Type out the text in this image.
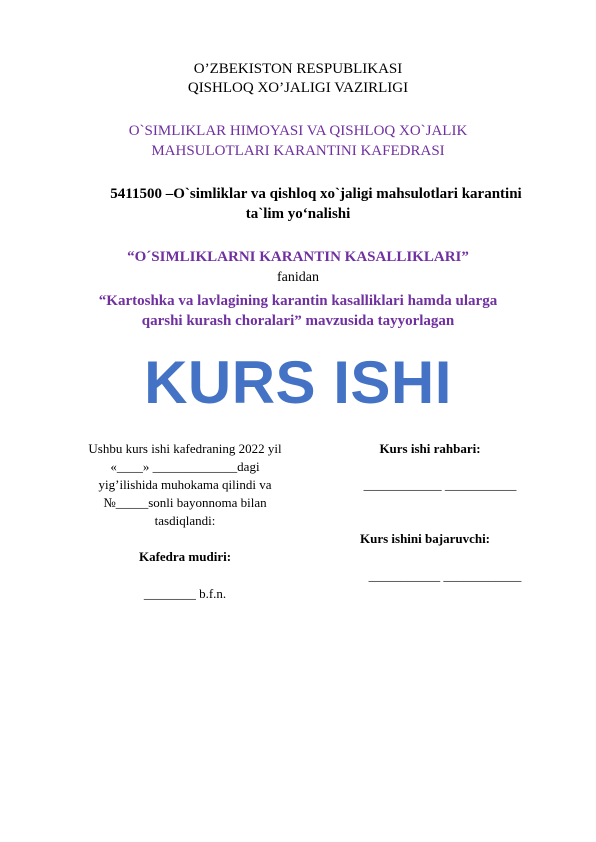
O’ZBEKISTON RESPUBLIKASI
QISHLOQ XO’JALIGI VAZIRLIGI
O`SIMLIKLAR HIMOYASI VA QISHLOQ XO`JALIK
MAHSULOTLARI KARANTINI KAFEDRASI
5411500 –O`simliklar va qishloq xo`jaligi mahsulotlari karantini
ta`lim yo‘nalishi
“O´SIMLIKLARNI KARANTIN KASALLIKLARI”
fanidan
“Kartoshka va lavlagining karantin kasalliklari hamda ularga
qarshi kurash choralari” mavzusida tayyorlagan
KURS ISHI
Ushbu kurs ishi kafedraning 2022 yil
«____» _____________dagi
yig’ilishida muhokama qilindi va
№_____sonli bayonnoma bilan
tasdiqlandi:
Kafedra mudiri:
________ b.f.n.
Kurs ishi rahbari:
____________ ___________
Kurs ishini bajaruvchi:
___________ ____________
